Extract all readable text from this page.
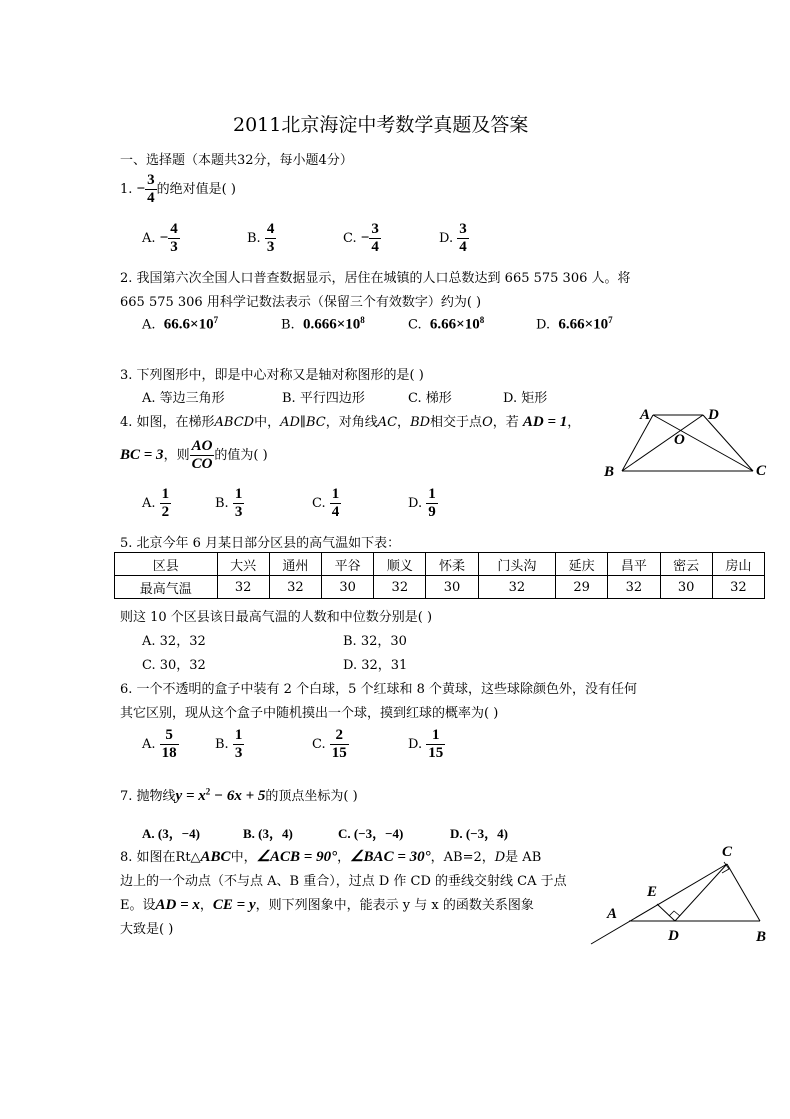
2011北京海淀中考数学真题及答案
一、选择题（本题共32分，每小题4分）
1. − $\frac{3}{4}$ 的绝对值是( )
A. − $\frac{4}{3}$	B. $\frac{4}{3}$	C. − $\frac{3}{4}$	D. $\frac{3}{4}$
2. 我国第六次全国人口普查数据显示，居住在城镇的人口总数达到 665 575 306 人。将
665 575 306 用科学记数法表示（保留三个有效数字）约为( )
A. $66.6\times 10^7$	B. $0.666\times 10^8$	C. $6.66\times 10^8$	D. $6.66\times 10^7$
3. 下列图形中，即是中心对称又是轴对称图形的是( )
A. 等边三角形	B. 平行四边形	C. 梯形	D. 矩形
4. 如图，在梯形ABCD中，AD∥BC，对角线AC，BD相交于点O，若 AD = 1，
BC = 3，则 $\frac{AO}{CO}$ 的值为( )
A. $\frac{1}{2}$	B. $\frac{1}{3}$	C. $\frac{1}{4}$	D. $\frac{1}{9}$
A	D
O
B	C
5. 北京今年 6 月某日部分区县的高气温如下表：
区县	大兴	通州	平谷	顺义	怀柔	门头沟	延庆	昌平	密云	房山
最高气温	32	32	30	32	30	32	29	32	30	32
则这 10 个区县该日最高气温的人数和中位数分别是( )
A. 32，32	B. 32，30
C. 30，32	D. 32，31
6. 一个不透明的盒子中装有 2 个白球，5 个红球和 8 个黄球，这些球除颜色外，没有任何
其它区别，现从这个盒子中随机摸出一个球，摸到红球的概率为( )
A. $\frac{5}{18}$	B. $\frac{1}{3}$	C. $\frac{2}{15}$	D. $\frac{1}{15}$
7. 抛物线$y = x^2 - 6x + 5$的顶点坐标为( )
A. (3，−4)	B. (3，4)	C. (−3，−4)	D. (−3，4)
8. 如图在Rt△ABC中，∠ACB = 90°，∠BAC = 30°，AB=2，D是 AB
边上的一个动点（不与点 A、B 重合），过点 D 作 CD 的垂线交射线 CA 于点
E。设AD = x，CE = y，则下列图象中，能表示 y 与 x 的函数关系图象
大致是( )
C
E
A
D	B
